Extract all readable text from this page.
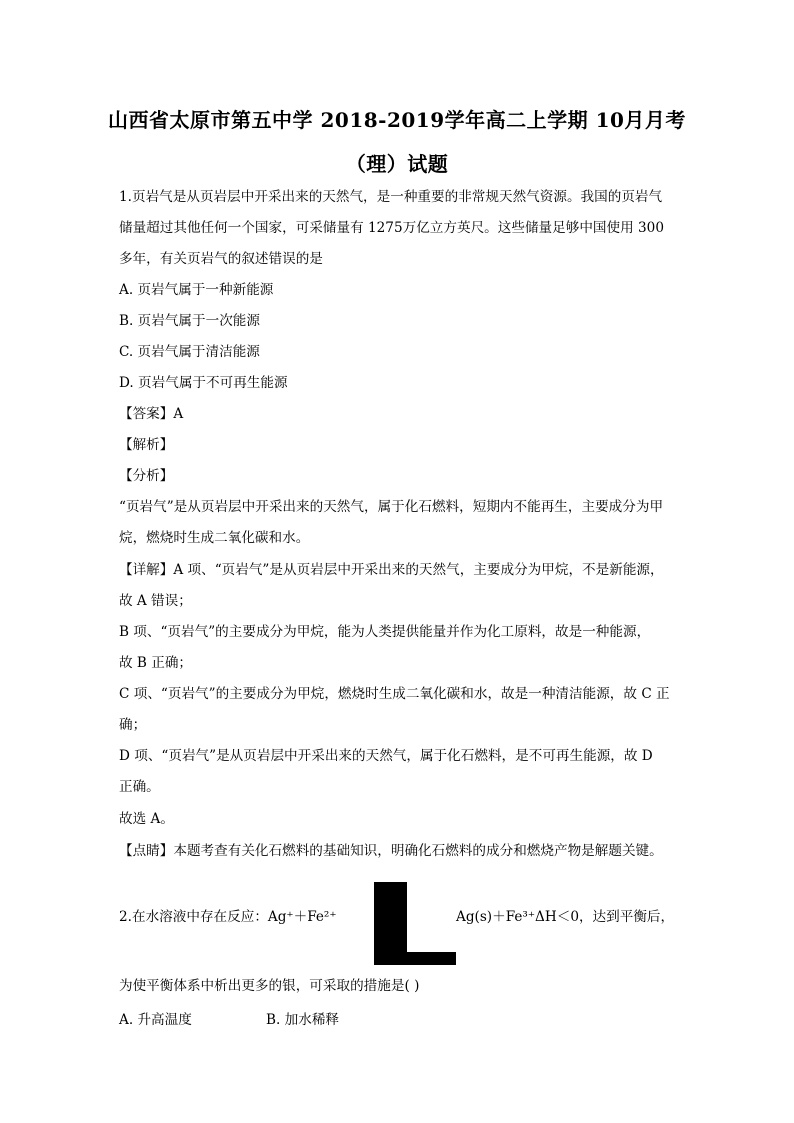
山西省太原市第五中学 2018-2019学年高二上学期 10月月考
（理）试题
1.页岩气是从页岩层中开采出来的天然气，是一种重要的非常规天然气资源。我国的页岩气
储量超过其他任何一个国家，可采储量有 1275万亿立方英尺。这些储量足够中国使用 300
多年，有关页岩气的叙述错误的是
A. 页岩气属于一种新能源
B. 页岩气属于一次能源
C. 页岩气属于清洁能源
D. 页岩气属于不可再生能源
【答案】A
【解析】
【分析】
“页岩气”是从页岩层中开采出来的天然气，属于化石燃料，短期内不能再生，主要成分为甲
烷，燃烧时生成二氧化碳和水。
【详解】A 项、“页岩气”是从页岩层中开采出来的天然气，主要成分为甲烷，不是新能源，
故 A 错误；
B 项、“页岩气”的主要成分为甲烷，能为人类提供能量并作为化工原料，故是一种能源，
故 B 正确；
C 项、“页岩气”的主要成分为甲烷，燃烧时生成二氧化碳和水，故是一种清洁能源，故 C 正
确；
D 项、“页岩气”是从页岩层中开采出来的天然气，属于化石燃料，是不可再生能源，故 D
正确。
故选 A。
【点睛】本题考查有关化石燃料的基础知识，明确化石燃料的成分和燃烧产物是解题关键。
2.在水溶液中存在反应：Ag⁺＋Fe²⁺	Ag(s)＋Fe³⁺ΔH＜0，达到平衡后，
为使平衡体系中析出更多的银，可采取的措施是( )
A. 升高温度	B. 加水稀释
